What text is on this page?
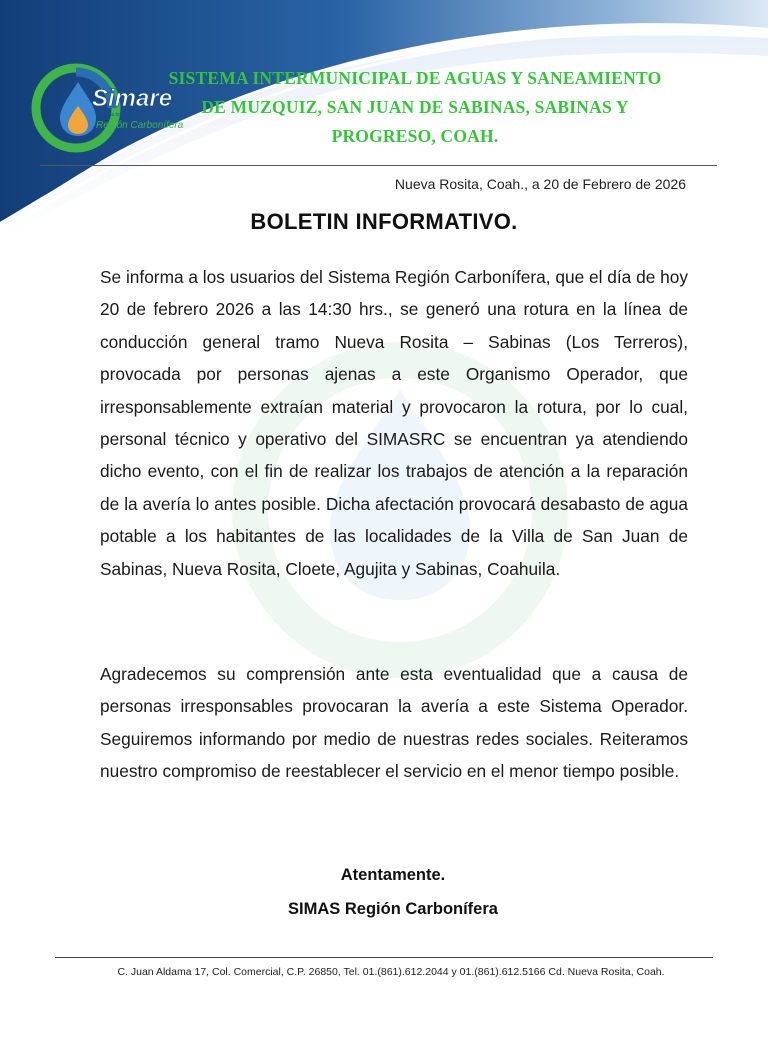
Simare
Sistema Intermunicipal de Aguas
Región Carbonífera
SISTEMA INTERMUNICIPAL DE AGUAS Y SANEAMIENTO
DE MUZQUIZ, SAN JUAN DE SABINAS, SABINAS Y
PROGRESO, COAH.
Nueva Rosita, Coah., a 20 de Febrero de 2026
BOLETIN INFORMATIVO.

Se informa a los usuarios del Sistema Región Carbonífera, que el día de hoy 20 de febrero 2026 a las 14:30 hrs., se generó una rotura en la línea de conducción general tramo Nueva Rosita – Sabinas (Los Terreros), provocada por personas ajenas a este Organismo Operador, que irresponsablemente extraían material y provocaron la rotura, por lo cual, personal técnico y operativo del SIMASRC se encuentran ya atendiendo dicho evento, con el fin de realizar los trabajos de atención a la reparación de la avería lo antes posible. Dicha afectación provocará desabasto de agua potable a los habitantes de las localidades de la Villa de San Juan de Sabinas, Nueva Rosita, Cloete, Agujita y Sabinas, Coahuila.

Agradecemos su comprensión ante esta eventualidad que a causa de personas irresponsables provocaran la avería a este Sistema Operador. Seguiremos informando por medio de nuestras redes sociales. Reiteramos nuestro compromiso de reestablecer el servicio en el menor tiempo posible.

Atentamente.
SIMAS Región Carbonífera

C. Juan Aldama 17, Col. Comercial, C.P. 26850, Tel. 01.(861).612.2044 y 01.(861).612.5166 Cd. Nueva Rosita, Coah.
